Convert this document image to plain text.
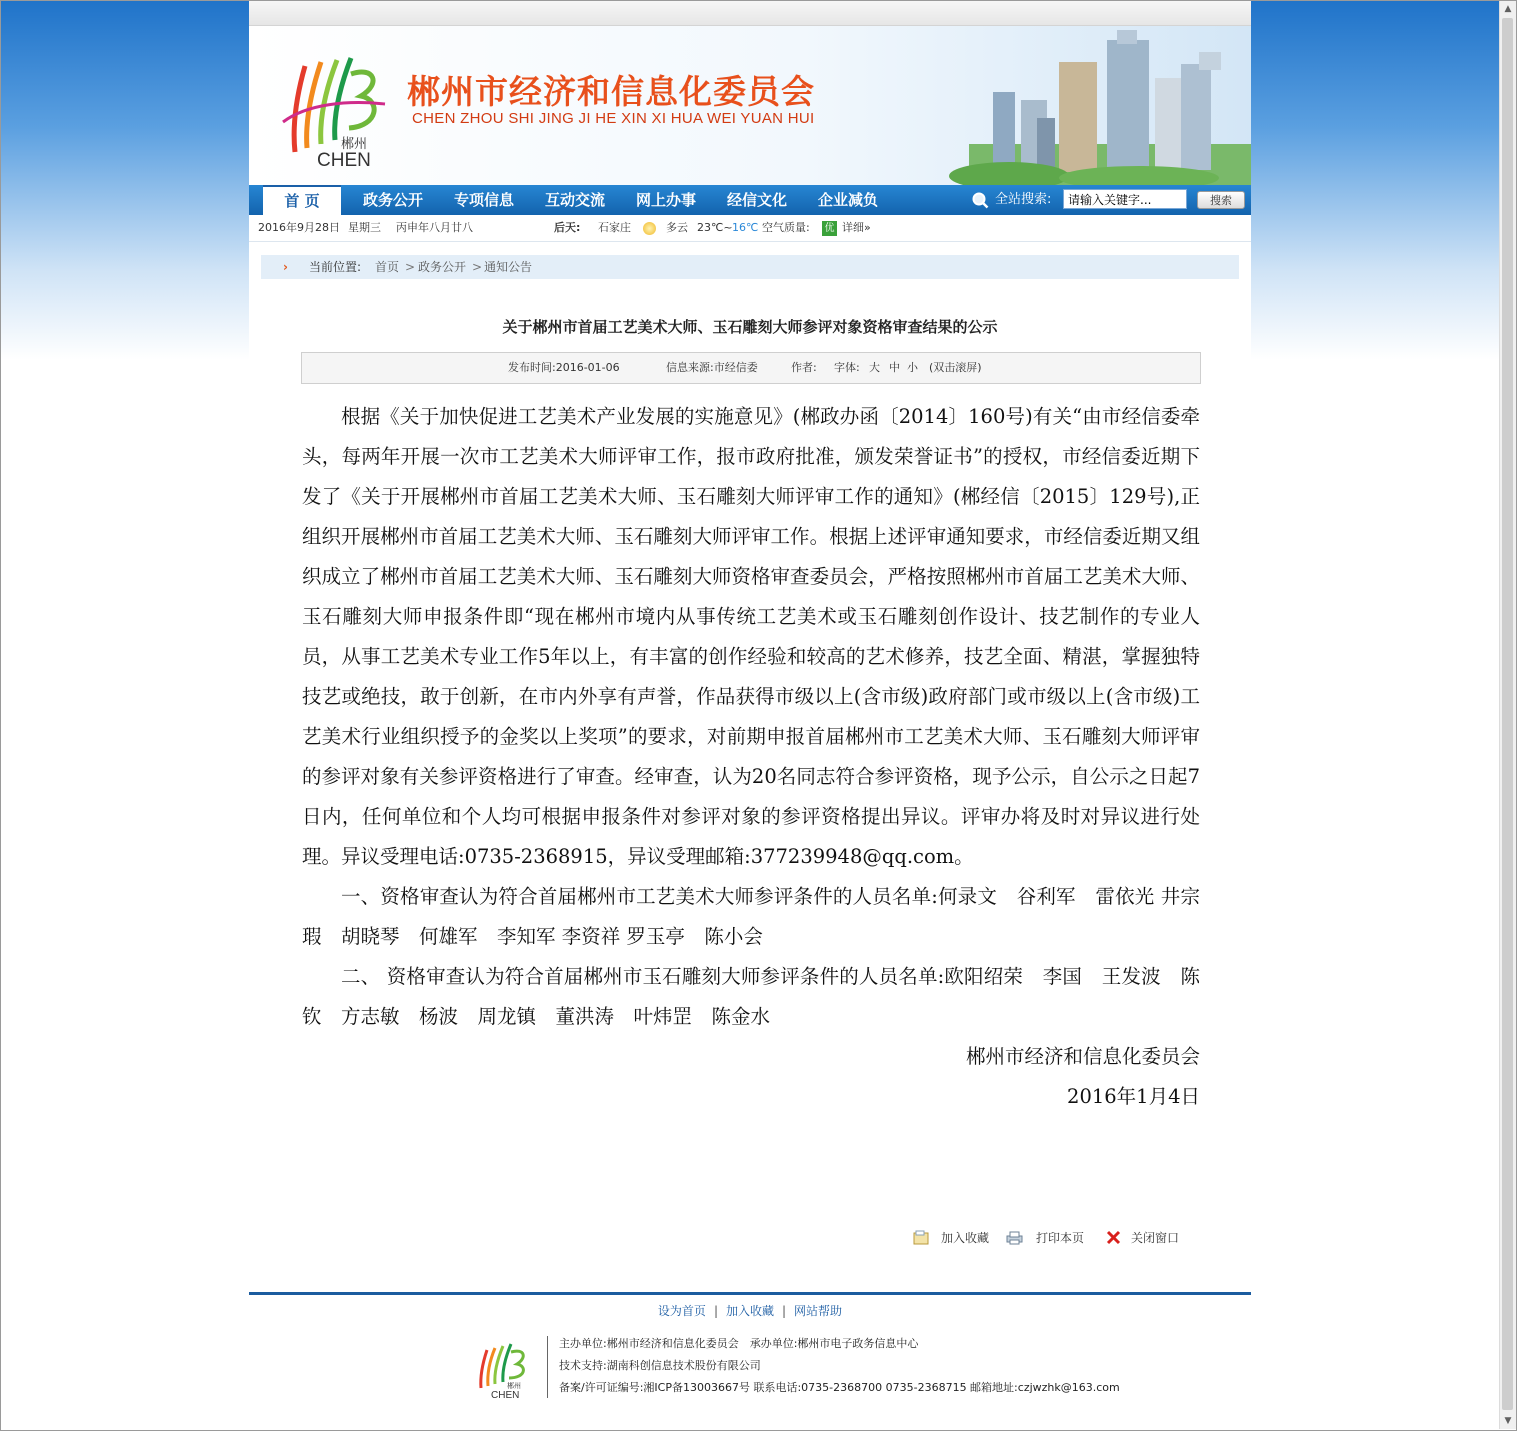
郴州
CHEN
郴州市经济和信息化委员会
CHEN ZHOU SHI JING JI HE XIN XI HUA WEI YUAN HUI
首 页	政务公开	专项信息	互动交流	网上办事	经信文化	企业减负	全站搜索:
请输入关键字...	搜索
2016年9月28日 星期三 丙申年八月廿八	后天: 石家庄	多云 23℃~ 16℃ 空气质量: 优 详细»
› 当前位置: 首页 > 政务公开 > 通知公告
关于郴州市首届工艺美术大师、玉石雕刻大师参评对象资格审查结果的公示
发布时间:2016-01-06	信息来源:市经信委	作者: 字体: 大 中 小 (双击滚屏)

根据《关于加快促进工艺美术产业发展的实施意见》(郴政办函〔2014〕160号)有关“由市经信委牵头，每两年开展一次市工艺美术大师评审工作，报市政府批准，颁发荣誉证书”的授权，市经信委近期下发了《关于开展郴州市首届工艺美术大师、玉石雕刻大师评审工作的通知》(郴经信〔2015〕129号),正组织开展郴州市首届工艺美术大师、玉石雕刻大师评审工作。根据上述评审通知要求，市经信委近期又组织成立了郴州市首届工艺美术大师、玉石雕刻大师资格审查委员会，严格按照郴州市首届工艺美术大师、玉石雕刻大师申报条件即“现在郴州市境内从事传统工艺美术或玉石雕刻创作设计、技艺制作的专业人员，从事工艺美术专业工作5年以上，有丰富的创作经验和较高的艺术修养，技艺全面、精湛，掌握独特技艺或绝技，敢于创新，在市内外享有声誉，作品获得市级以上(含市级)政府部门或市级以上(含市级)工艺美术行业组织授予的金奖以上奖项”的要求，对前期申报首届郴州市工艺美术大师、玉石雕刻大师评审的参评对象有关参评资格进行了审查。经审查，认为20名同志符合参评资格，现予公示，自公示之日起7日内，任何单位和个人均可根据申报条件对参评对象的参评资格提出异议。评审办将及时对异议进行处理。异议受理电话:0735-2368915，异议受理邮箱:377239948@qq.com。

一、资格审查认为符合首届郴州市工艺美术大师参评条件的人员名单:何录文　谷利军　雷依光 井宗瑕　胡晓琴　何雄军　李知军 李资祥 罗玉亭　陈小会

二、 资格审查认为符合首届郴州市玉石雕刻大师参评条件的人员名单:欧阳绍荣　李国　王发波　陈钦　方志敏　杨波　周龙镇　董洪涛　叶炜罡　陈金水

郴州市经济和信息化委员会

2016年1月4日

加入收藏	打印本页	关闭窗口
设为首页 | 加入收藏 | 网站帮助
郴州
CHEN
主办单位:郴州市经济和信息化委员会　承办单位:郴州市电子政务信息中心
技术支持:湖南科创信息技术股份有限公司
备案/许可证编号:湘ICP备13003667号 联系电话:0735-2368700 0735-2368715 邮箱地址:czjwzhk@163.com
▲
▼
